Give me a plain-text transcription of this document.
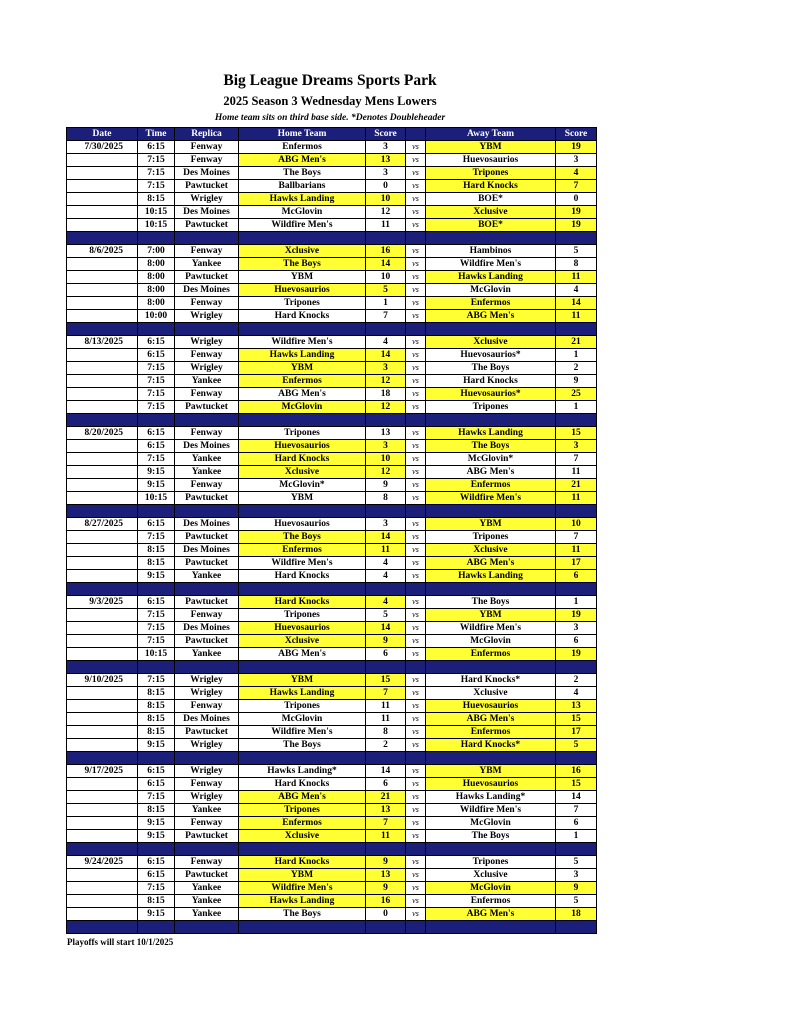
Big League Dreams Sports Park
2025 Season 3 Wednesday Mens Lowers
Home team sits on third base side. *Denotes Doubleheader
Date	Time	Replica	Home Team	Score		Away Team	Score
7/30/2025	6:15	Fenway	Enfermos	3	vs	YBM	19
	7:15	Fenway	ABG Men's	13	vs	Huevosaurios	3
	7:15	Des Moines	The Boys	3	vs	Tripones	4
	7:15	Pawtucket	Ballbarians	0	vs	Hard Knocks	7
	8:15	Wrigley	Hawks Landing	10	vs	BOE*	0
	10:15	Des Moines	McGlovin	12	vs	Xclusive	19
	10:15	Pawtucket	Wildfire Men's	11	vs	BOE*	19

8/6/2025	7:00	Fenway	Xclusive	16	vs	Hambinos	5
	8:00	Yankee	The Boys	14	vs	Wildfire Men's	8
	8:00	Pawtucket	YBM	10	vs	Hawks Landing	11
	8:00	Des Moines	Huevosaurios	5	vs	McGlovin	4
	8:00	Fenway	Tripones	1	vs	Enfermos	14
	10:00	Wrigley	Hard Knocks	7	vs	ABG Men's	11

8/13/2025	6:15	Wrigley	Wildfire Men's	4	vs	Xclusive	21
	6:15	Fenway	Hawks Landing	14	vs	Huevosaurios*	1
	7:15	Wrigley	YBM	3	vs	The Boys	2
	7:15	Yankee	Enfermos	12	vs	Hard Knocks	9
	7:15	Fenway	ABG Men's	18	vs	Huevosaurios*	25
	7:15	Pawtucket	McGlovin	12	vs	Tripones	1

8/20/2025	6:15	Fenway	Tripones	13	vs	Hawks Landing	15
	6:15	Des Moines	Huevosaurios	3	vs	The Boys	3
	7:15	Yankee	Hard Knocks	10	vs	McGlovin*	7
	9:15	Yankee	Xclusive	12	vs	ABG Men's	11
	9:15	Fenway	McGlovin*	9	vs	Enfermos	21
	10:15	Pawtucket	YBM	8	vs	Wildfire Men's	11

8/27/2025	6:15	Des Moines	Huevosaurios	3	vs	YBM	10
	7:15	Pawtucket	The Boys	14	vs	Tripones	7
	8:15	Des Moines	Enfermos	11	vs	Xclusive	11
	8:15	Pawtucket	Wildfire Men's	4	vs	ABG Men's	17
	9:15	Yankee	Hard Knocks	4	vs	Hawks Landing	6

9/3/2025	6:15	Pawtucket	Hard Knocks	4	vs	The Boys	1
	7:15	Fenway	Tripones	5	vs	YBM	19
	7:15	Des Moines	Huevosaurios	14	vs	Wildfire Men's	3
	7:15	Pawtucket	Xclusive	9	vs	McGlovin	6
	10:15	Yankee	ABG Men's	6	vs	Enfermos	19

9/10/2025	7:15	Wrigley	YBM	15	vs	Hard Knocks*	2
	8:15	Wrigley	Hawks Landing	7	vs	Xclusive	4
	8:15	Fenway	Tripones	11	vs	Huevosaurios	13
	8:15	Des Moines	McGlovin	11	vs	ABG Men's	15
	8:15	Pawtucket	Wildfire Men's	8	vs	Enfermos	17
	9:15	Wrigley	The Boys	2	vs	Hard Knocks*	5

9/17/2025	6:15	Wrigley	Hawks Landing*	14	vs	YBM	16
	6:15	Fenway	Hard Knocks	6	vs	Huevosaurios	15
	7:15	Wrigley	ABG Men's	21	vs	Hawks Landing*	14
	8:15	Yankee	Tripones	13	vs	Wildfire Men's	7
	9:15	Fenway	Enfermos	7	vs	McGlovin	6
	9:15	Pawtucket	Xclusive	11	vs	The Boys	1

9/24/2025	6:15	Fenway	Hard Knocks	9	vs	Tripones	5
	6:15	Pawtucket	YBM	13	vs	Xclusive	3
	7:15	Yankee	Wildfire Men's	9	vs	McGlovin	9
	8:15	Yankee	Hawks Landing	16	vs	Enfermos	5
	9:15	Yankee	The Boys	0	vs	ABG Men's	18

Playoffs will start 10/1/2025
